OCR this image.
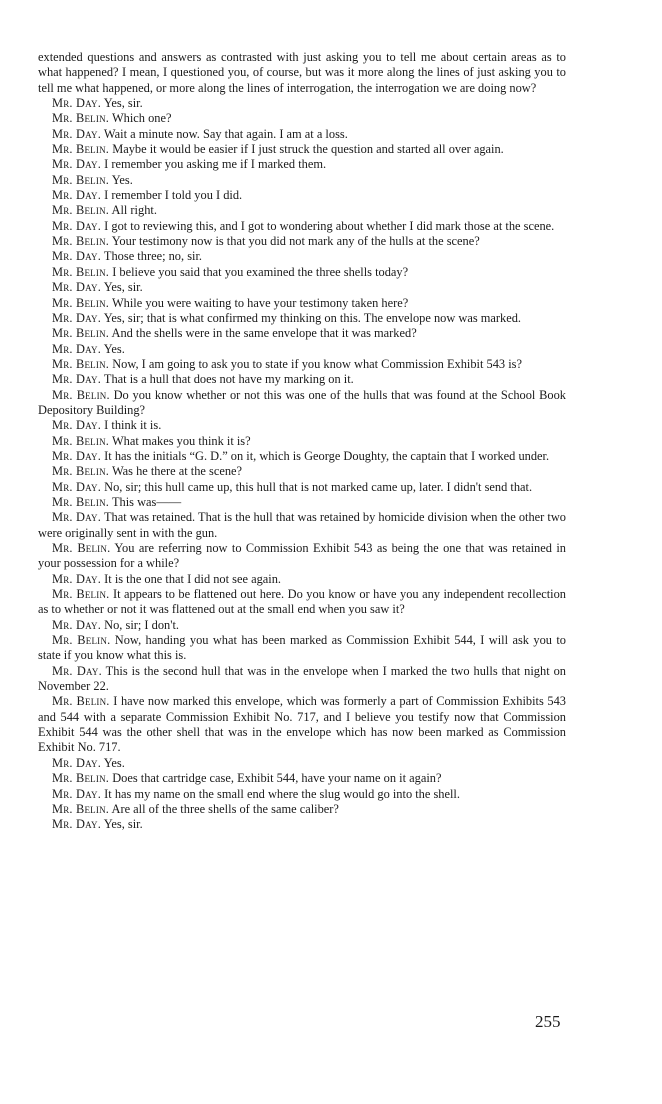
extended questions and answers as contrasted with just asking you to tell me about certain areas as to what happened? I mean, I questioned you, of course, but was it more along the lines of just asking you to tell me what happened, or more along the lines of interrogation, the interrogation we are doing now?

Mr. Day. Yes, sir.

Mr. Belin. Which one?

Mr. Day. Wait a minute now. Say that again. I am at a loss.

Mr. Belin. Maybe it would be easier if I just struck the question and started all over again.

Mr. Day. I remember you asking me if I marked them.

Mr. Belin. Yes.

Mr. Day. I remember I told you I did.

Mr. Belin. All right.

Mr. Day. I got to reviewing this, and I got to wondering about whether I did mark those at the scene.

Mr. Belin. Your testimony now is that you did not mark any of the hulls at the scene?

Mr. Day. Those three; no, sir.

Mr. Belin. I believe you said that you examined the three shells today?

Mr. Day. Yes, sir.

Mr. Belin. While you were waiting to have your testimony taken here?

Mr. Day. Yes, sir; that is what confirmed my thinking on this. The envelope now was marked.

Mr. Belin. And the shells were in the same envelope that it was marked?

Mr. Day. Yes.

Mr. Belin. Now, I am going to ask you to state if you know what Commission Exhibit 543 is?

Mr. Day. That is a hull that does not have my marking on it.

Mr. Belin. Do you know whether or not this was one of the hulls that was found at the School Book Depository Building?

Mr. Day. I think it is.

Mr. Belin. What makes you think it is?

Mr. Day. It has the initials “G. D.” on it, which is George Doughty, the captain that I worked under.

Mr. Belin. Was he there at the scene?

Mr. Day. No, sir; this hull came up, this hull that is not marked came up, later. I didn't send that.

Mr. Belin. This was——

Mr. Day. That was retained. That is the hull that was retained by homicide division when the other two were originally sent in with the gun.

Mr. Belin. You are referring now to Commission Exhibit 543 as being the one that was retained in your possession for a while?

Mr. Day. It is the one that I did not see again.

Mr. Belin. It appears to be flattened out here. Do you know or have you any independent recollection as to whether or not it was flattened out at the small end when you saw it?

Mr. Day. No, sir; I don't.

Mr. Belin. Now, handing you what has been marked as Commission Exhibit 544, I will ask you to state if you know what this is.

Mr. Day. This is the second hull that was in the envelope when I marked the two hulls that night on November 22.

Mr. Belin. I have now marked this envelope, which was formerly a part of Commission Exhibits 543 and 544 with a separate Commission Exhibit No. 717, and I believe you testify now that Commission Exhibit 544 was the other shell that was in the envelope which has now been marked as Commission Exhibit No. 717.

Mr. Day. Yes.

Mr. Belin. Does that cartridge case, Exhibit 544, have your name on it again?

Mr. Day. It has my name on the small end where the slug would go into the shell.

Mr. Belin. Are all of the three shells of the same caliber?

Mr. Day. Yes, sir.

255
